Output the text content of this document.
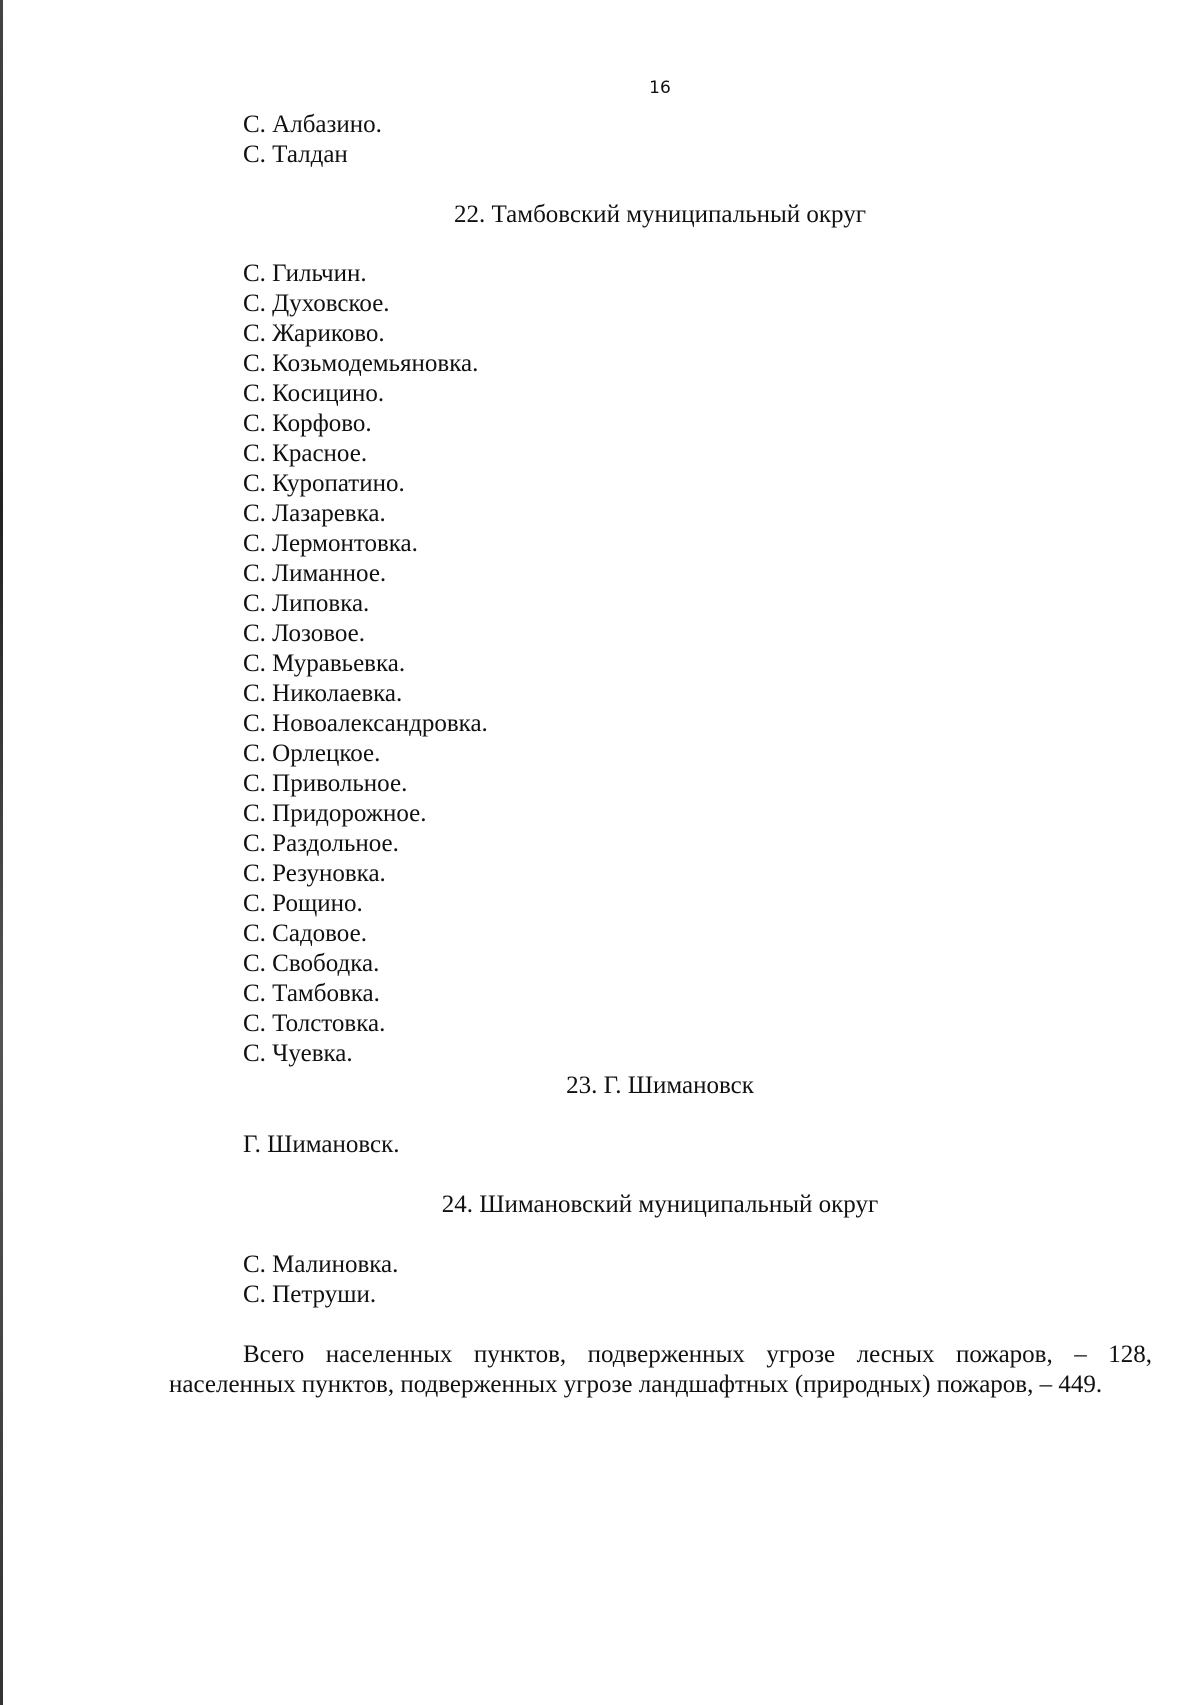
16
С. Албазино.
С. Талдан
22. Тамбовский муниципальный округ
С. Гильчин.
С. Духовское.
С. Жариково.
С. Козьмодемьяновка.
С. Косицино.
С. Корфово.
С. Красное.
С. Куропатино.
С. Лазаревка.
С. Лермонтовка.
С. Лиманное.
С. Липовка.
С. Лозовое.
С. Муравьевка.
С. Николаевка.
С. Новоалександровка.
С. Орлецкое.
С. Привольное.
С. Придорожное.
С. Раздольное.
С. Резуновка.
С. Рощино.
С. Садовое.
С. Свободка.
С. Тамбовка.
С. Толстовка.
С. Чуевка.
23. Г. Шимановск
Г. Шимановск.
24. Шимановский муниципальный округ
С. Малиновка.
С. Петруши.
Всего населенных пунктов, подверженных угрозе лесных пожаров, – 128, населенных пунктов, подверженных угрозе ландшафтных (природных) пожаров, – 449.
